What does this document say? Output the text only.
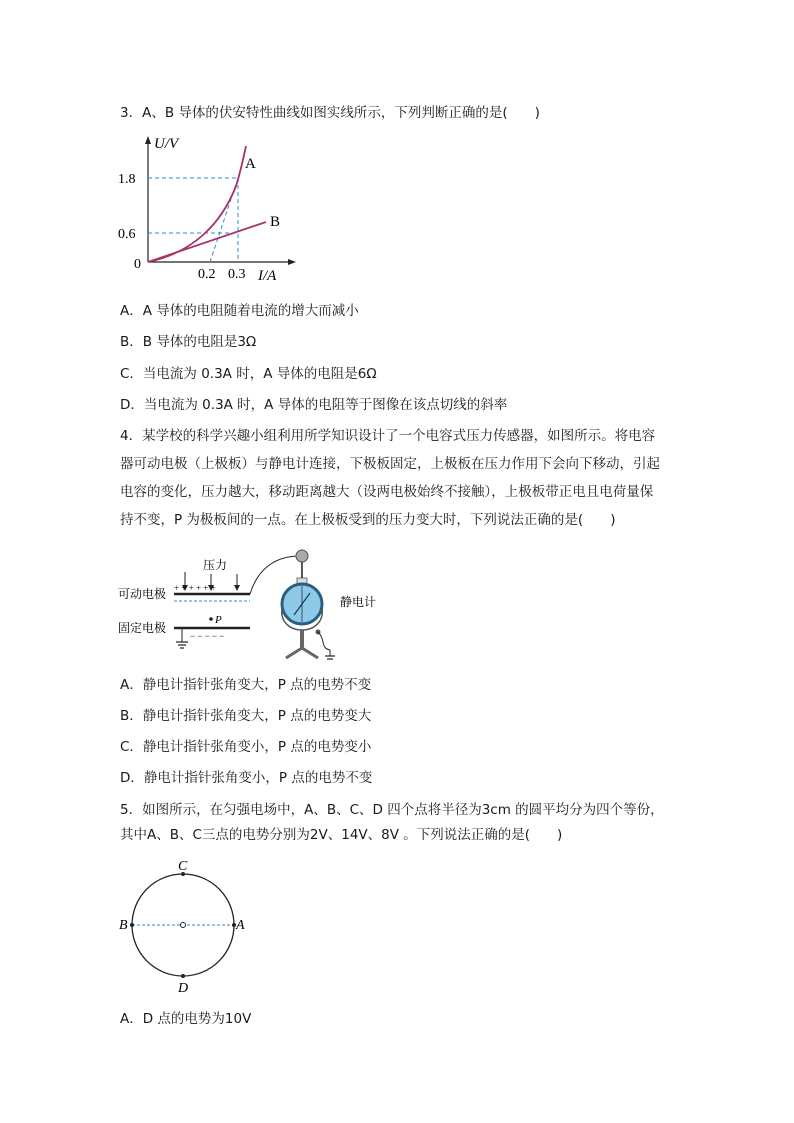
3．A、B 导体的伏安特性曲线如图实线所示，下列判断正确的是(　　)
U/V
I/A
0
1.8
0.6
0.2 0.3
A
B
A．A 导体的电阻随着电流的增大而减小
B．B 导体的电阻是3Ω
C．当电流为 0.3A 时，A 导体的电阻是6Ω
D．当电流为 0.3A 时，A 导体的电阻等于图像在该点切线的斜率
4．某学校的科学兴趣小组利用所学知识设计了一个电容式压力传感器，如图所示。将电容
器可动电极（上极板）与静电计连接，下极板固定，上极板在压力作用下会向下移动，引起
电容的变化，压力越大，移动距离越大（设两电极始终不接触），上极板带正电且电荷量保
持不变，P 为极板间的一点。在上极板受到的压力变大时，下列说法正确的是(　　)
压力
可动电极
固定电极
静电计
+ + + + + +
P
− − − − −
A．静电计指针张角变大，P 点的电势不变
B．静电计指针张角变大，P 点的电势变大
C．静电计指针张角变小，P 点的电势变小
D．静电计指针张角变小，P 点的电势不变
5．如图所示，在匀强电场中，A、B、C、D 四个点将半径为3cm 的圆平均分为四个等份，
其中A、B、C三点的电势分别为2V、14V、8V 。下列说法正确的是(　　)
A
B
C
D
A．D 点的电势为10V
